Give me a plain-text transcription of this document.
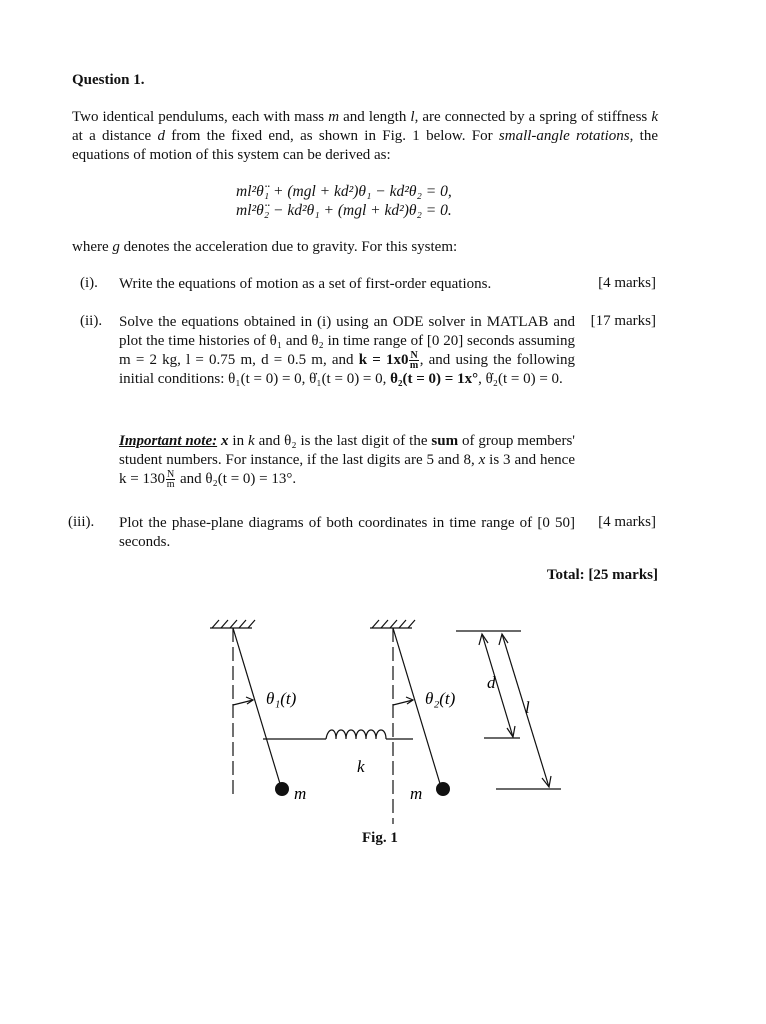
Question 1.
Two identical pendulums, each with mass m and length l, are connected by a spring of stiffness k at a distance d from the fixed end, as shown in Fig. 1 below. For small-angle rotations, the equations of motion of this system can be derived as:
ml²θ̈₁ + (mgl + kd²)θ₁ − kd²θ₂ = 0,
ml²θ̈₂ − kd²θ₁ + (mgl + kd²)θ₂ = 0.
where g denotes the acceleration due to gravity. For this system:
(i). Write the equations of motion as a set of first-order equations.	[4 marks]
(ii). Solve the equations obtained in (i) using an ODE solver in MATLAB and plot the time histories of θ₁ and θ₂ in time range of [0 20] seconds assuming m = 2 kg, l = 0.75 m, d = 0.5 m, and $k = 1x0 \frac{N}{m}$ , and using the following initial conditions: θ₁(t = 0) = 0, θ̇₁(t = 0) = 0, θ₂(t = 0) = 1x°, θ̇₂(t = 0) = 0.
[17 marks]
Important note: x in k and θ₂ is the last digit of the sum of group members' student numbers. For instance, if the last digits are 5 and 8, x is 3 and hence $k = 130 \frac{N}{m}$ and θ₂(t = 0) = 13°.
(iii). Plot the phase-plane diagrams of both coordinates in time range of [0 50] seconds.
[4 marks]
Total: [25 marks]
θ₁(t)	θ₂(t)
k
m	m
d
l
Fig. 1
